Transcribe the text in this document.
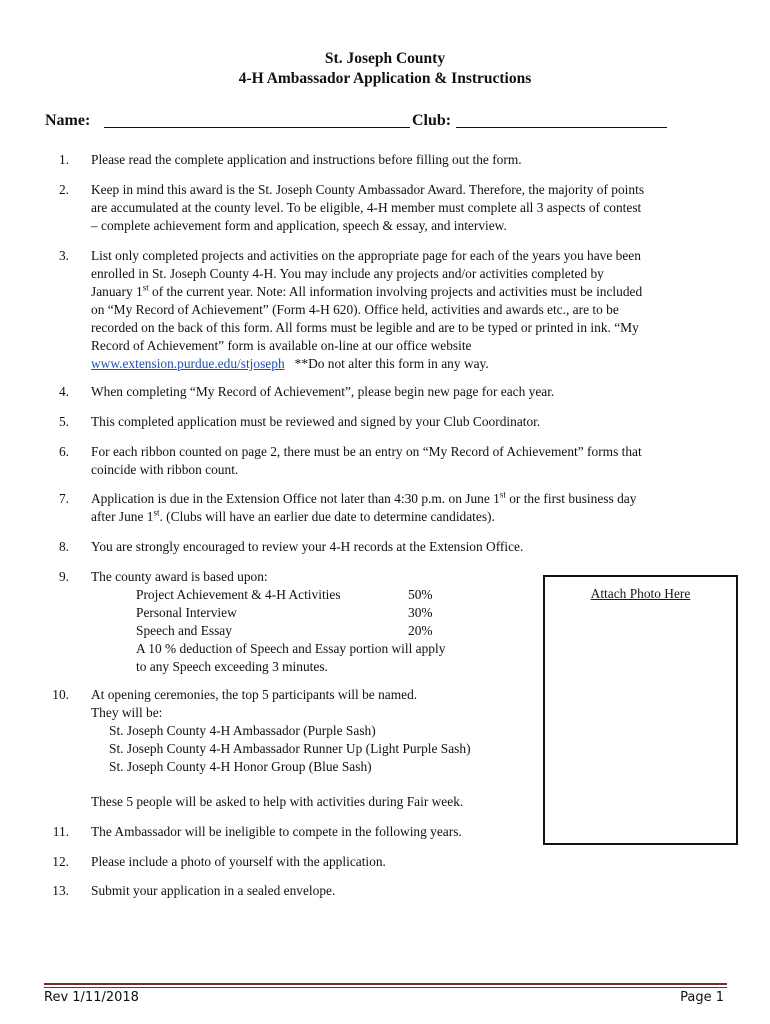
St. Joseph County
4-H Ambassador Application & Instructions
Name:	Club:
1. Please read the complete application and instructions before filling out the form.
2. Keep in mind this award is the St. Joseph County Ambassador Award. Therefore, the majority of points
are accumulated at the county level. To be eligible, 4-H member must complete all 3 aspects of contest
– complete achievement form and application, speech & essay, and interview.
3. List only completed projects and activities on the appropriate page for each of the years you have been
enrolled in St. Joseph County 4-H. You may include any projects and/or activities completed by
January 1st of the current year. Note: All information involving projects and activities must be included
on “My Record of Achievement” (Form 4-H 620). Office held, activities and awards etc., are to be
recorded on the back of this form. All forms must be legible and are to be typed or printed in ink. “My
Record of Achievement” form is available on-line at our office website
www.extension.purdue.edu/stjoseph   **Do not alter this form in any way.
4. When completing “My Record of Achievement”, please begin new page for each year.
5. This completed application must be reviewed and signed by your Club Coordinator.
6. For each ribbon counted on page 2, there must be an entry on “My Record of Achievement” forms that
coincide with ribbon count.
7. Application is due in the Extension Office not later than 4:30 p.m. on June 1st or the first business day
after June 1st. (Clubs will have an earlier due date to determine candidates).
8. You are strongly encouraged to review your 4-H records at the Extension Office.
9. The county award is based upon:
Project Achievement & 4-H Activities	50%
Personal Interview	30%
Speech and Essay	20%
A 10 % deduction of Speech and Essay portion will apply
to any Speech exceeding 3 minutes.
10. At opening ceremonies, the top 5 participants will be named.
They will be:
St. Joseph County 4-H Ambassador (Purple Sash)
St. Joseph County 4-H Ambassador Runner Up (Light Purple Sash)
St. Joseph County 4-H Honor Group (Blue Sash)
These 5 people will be asked to help with activities during Fair week.
11. The Ambassador will be ineligible to compete in the following years.
12. Please include a photo of yourself with the application.
13. Submit your application in a sealed envelope.
Attach Photo Here
Rev 1/11/2018	Page 1
